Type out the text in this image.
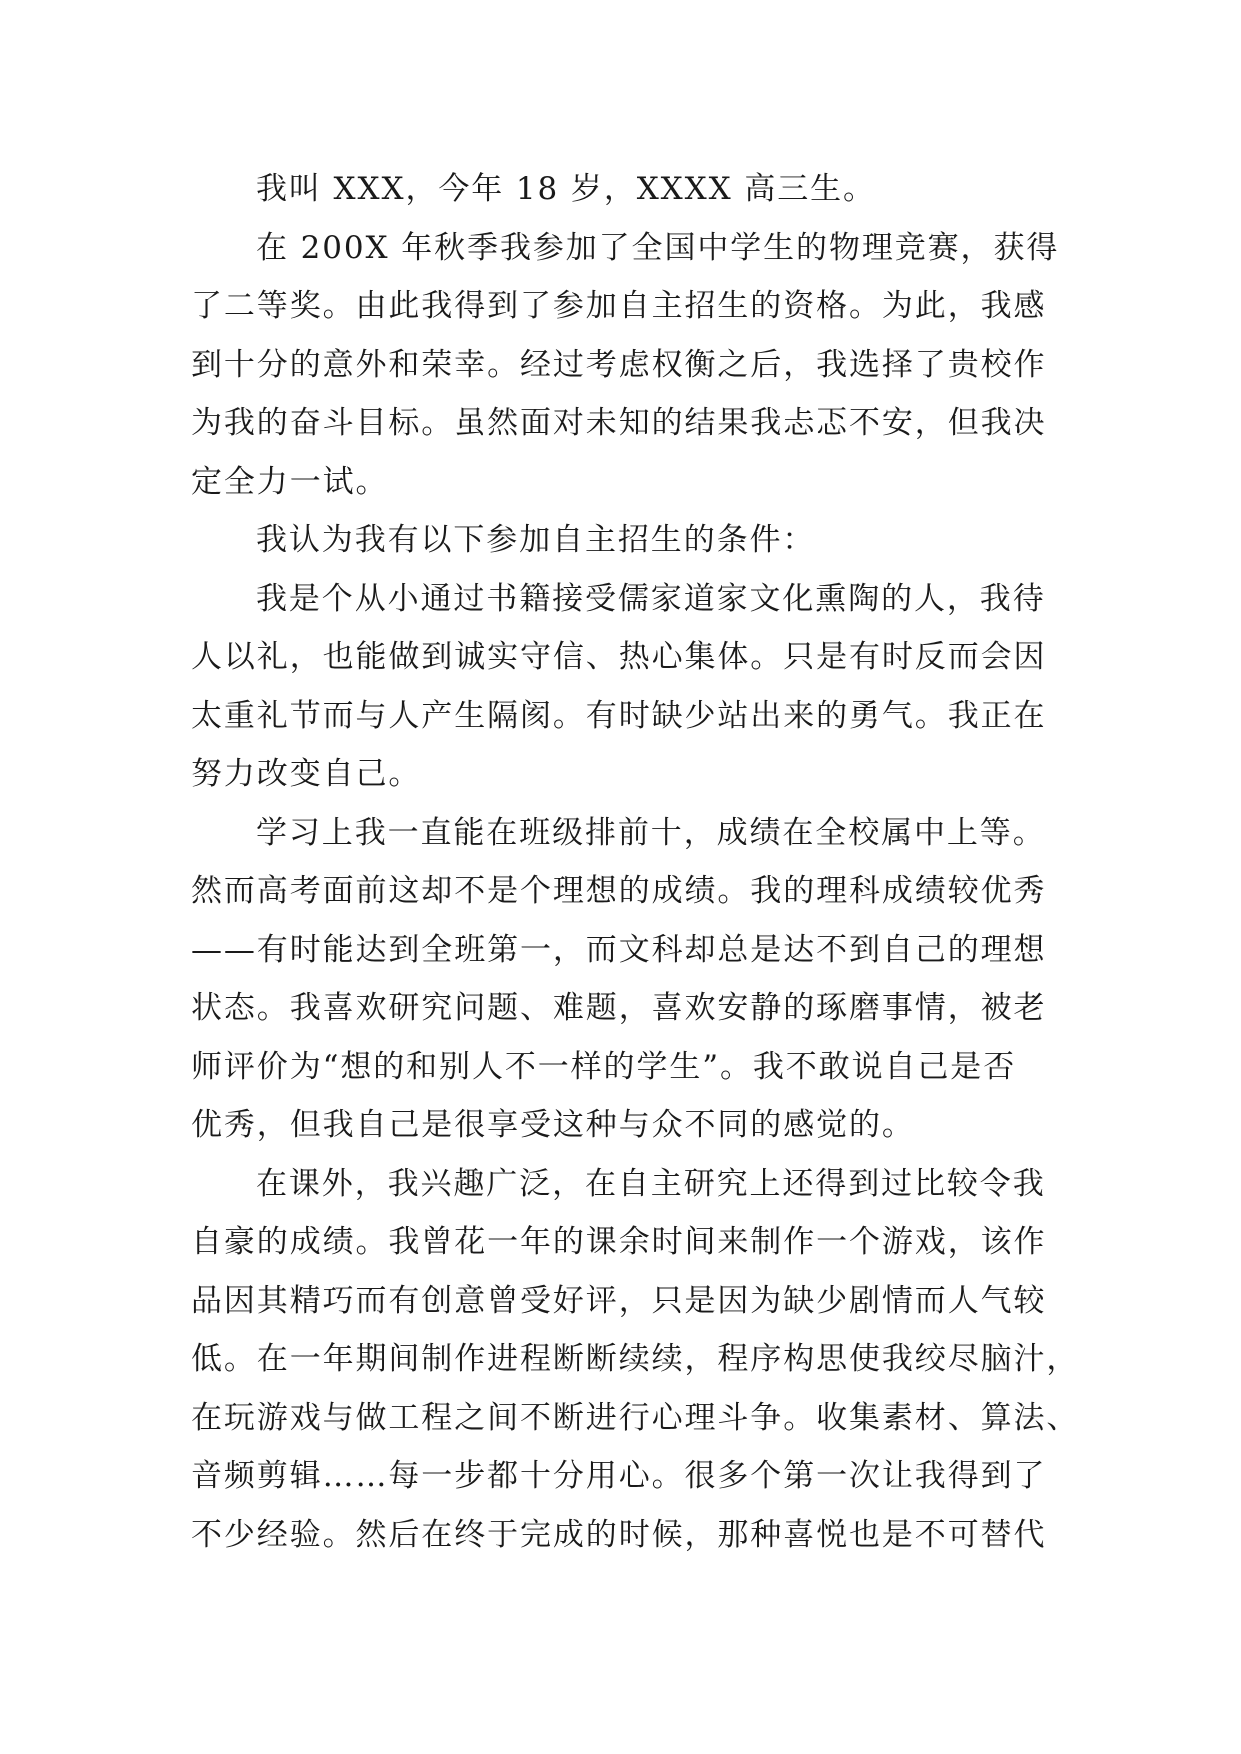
我叫 XXX，今年 18 岁，XXXX 高三生。
在 200X 年秋季我参加了全国中学生的物理竞赛，获得
了二等奖。由此我得到了参加自主招生的资格。为此，我感
到十分的意外和荣幸。经过考虑权衡之后，我选择了贵校作
为我的奋斗目标。虽然面对未知的结果我忐忑不安，但我决
定全力一试。
我认为我有以下参加自主招生的条件：
我是个从小通过书籍接受儒家道家文化熏陶的人，我待
人以礼，也能做到诚实守信、热心集体。只是有时反而会因
太重礼节而与人产生隔阂。有时缺少站出来的勇气。我正在
努力改变自己。
学习上我一直能在班级排前十，成绩在全校属中上等。
然而高考面前这却不是个理想的成绩。我的理科成绩较优秀
——有时能达到全班第一，而文科却总是达不到自己的理想
状态。我喜欢研究问题、难题，喜欢安静的琢磨事情，被老
师评价为“想的和别人不一样的学生”。我不敢说自己是否
优秀，但我自己是很享受这种与众不同的感觉的。
在课外，我兴趣广泛，在自主研究上还得到过比较令我
自豪的成绩。我曾花一年的课余时间来制作一个游戏，该作
品因其精巧而有创意曾受好评，只是因为缺少剧情而人气较
低。在一年期间制作进程断断续续，程序构思使我绞尽脑汁，
在玩游戏与做工程之间不断进行心理斗争。收集素材、算法、
音频剪辑……每一步都十分用心。很多个第一次让我得到了
不少经验。然后在终于完成的时候，那种喜悦也是不可替代
